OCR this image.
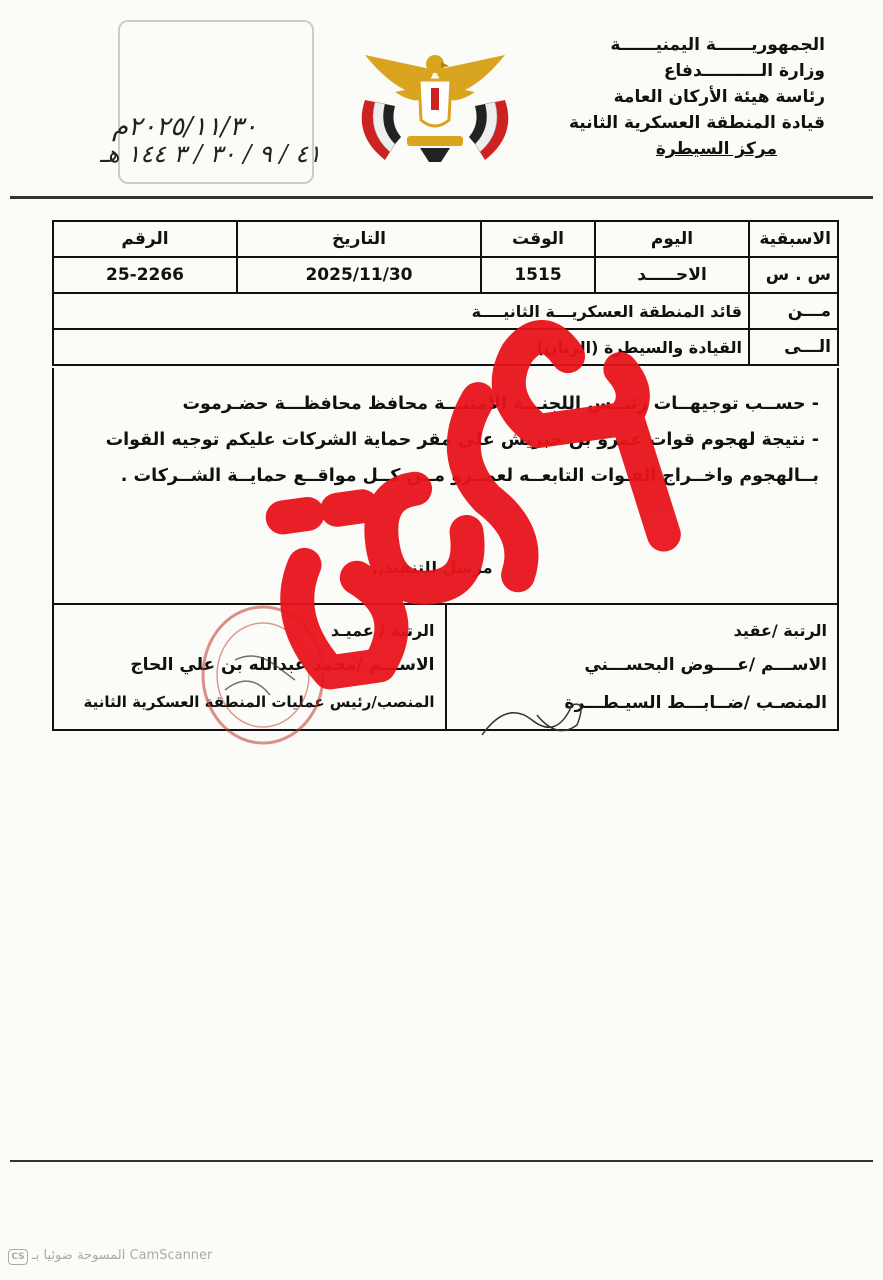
الجمهوريــــــة اليمنيــــــة
وزارة الــــــــــدفاع
رئاسة هيئة الأركان العامة
قيادة المنطقة العسكرية الثانية
مركز السيطرة
٢٠٢٥/١١/٣٠م
٤١ / ٩ / ٣٠ / ٣ ١٤٤ هـ
الاسبقية	اليوم	الوقت	التاريخ	الرقم
س . س	الاحـــــد	1515	2025/11/30	25-2266
مـــن	قائد المنطقة العسكريـــة الثانيــــة			
الـــى	القيادة والسيطرة (الريان)			
- حســب توجيهــات رئيــس اللجنـــة الامنيـــة محافظ محافظـــة حضـرموت
- نتيجة لهجوم قوات عمرو بن حبريش على مقر حماية الشركات عليكم توجيه القوات
بــالهجوم واخــراج القـوات التابعــه لعمــرو مــن كــل مواقــع حمايــة الشــركات .
مرسل للتنفيذ,,
الرتبة /عقيد
الاســـم /عــــوض البحســـني
المنصـب /ضــابـــط السيـطـــرة
الرتبة / عميـد
الاســـم /محمد عبدالله بن علي الحاج
المنصب/رئيس عمليات المنطقة العسكرية الثانية
CS المسوحة ضوئيا بـ CamScanner
